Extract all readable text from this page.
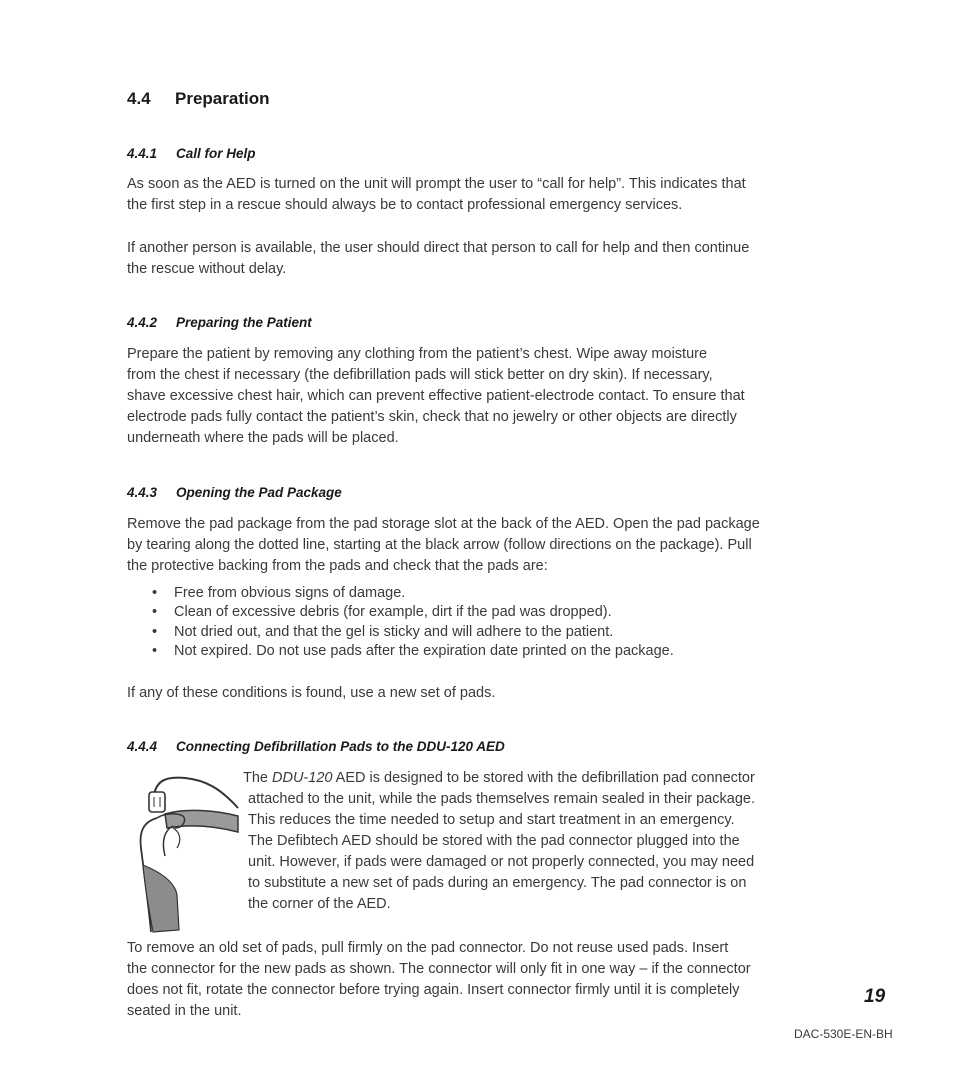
4.4 Preparation
4.4.1 Call for Help
As soon as the AED is turned on the unit will prompt the user to “call for help”. This indicates that
the first step in a rescue should always be to contact professional emergency services.
If another person is available, the user should direct that person to call for help and then continue
the rescue without delay.
4.4.2 Preparing the Patient
Prepare the patient by removing any clothing from the patient’s chest. Wipe away moisture
from the chest if necessary (the defibrillation pads will stick better on dry skin). If necessary,
shave excessive chest hair, which can prevent effective patient-electrode contact. To ensure that
electrode pads fully contact the patient’s skin, check that no jewelry or other objects are directly
underneath where the pads will be placed.
4.4.3 Opening the Pad Package
Remove the pad package from the pad storage slot at the back of the AED. Open the pad package
by tearing along the dotted line, starting at the black arrow (follow directions on the package). Pull
the protective backing from the pads and check that the pads are:
• Free from obvious signs of damage.
• Clean of excessive debris (for example, dirt if the pad was dropped).
• Not dried out, and that the gel is sticky and will adhere to the patient.
• Not expired. Do not use pads after the expiration date printed on the package.
If any of these conditions is found, use a new set of pads.
4.4.4 Connecting Defibrillation Pads to the DDU-120 AED
The DDU-120 AED is designed to be stored with the defibrillation pad connector
attached to the unit, while the pads themselves remain sealed in their package.
This reduces the time needed to setup and start treatment in an emergency.
The Defibtech AED should be stored with the pad connector plugged into the
unit. However, if pads were damaged or not properly connected, you may need
to substitute a new set of pads during an emergency. The pad connector is on
the corner of the AED.
To remove an old set of pads, pull firmly on the pad connector. Do not reuse used pads. Insert
the connector for the new pads as shown. The connector will only fit in one way – if the connector
does not fit, rotate the connector before trying again. Insert connector firmly until it is completely
seated in the unit.
19
DAC-530E-EN-BH
